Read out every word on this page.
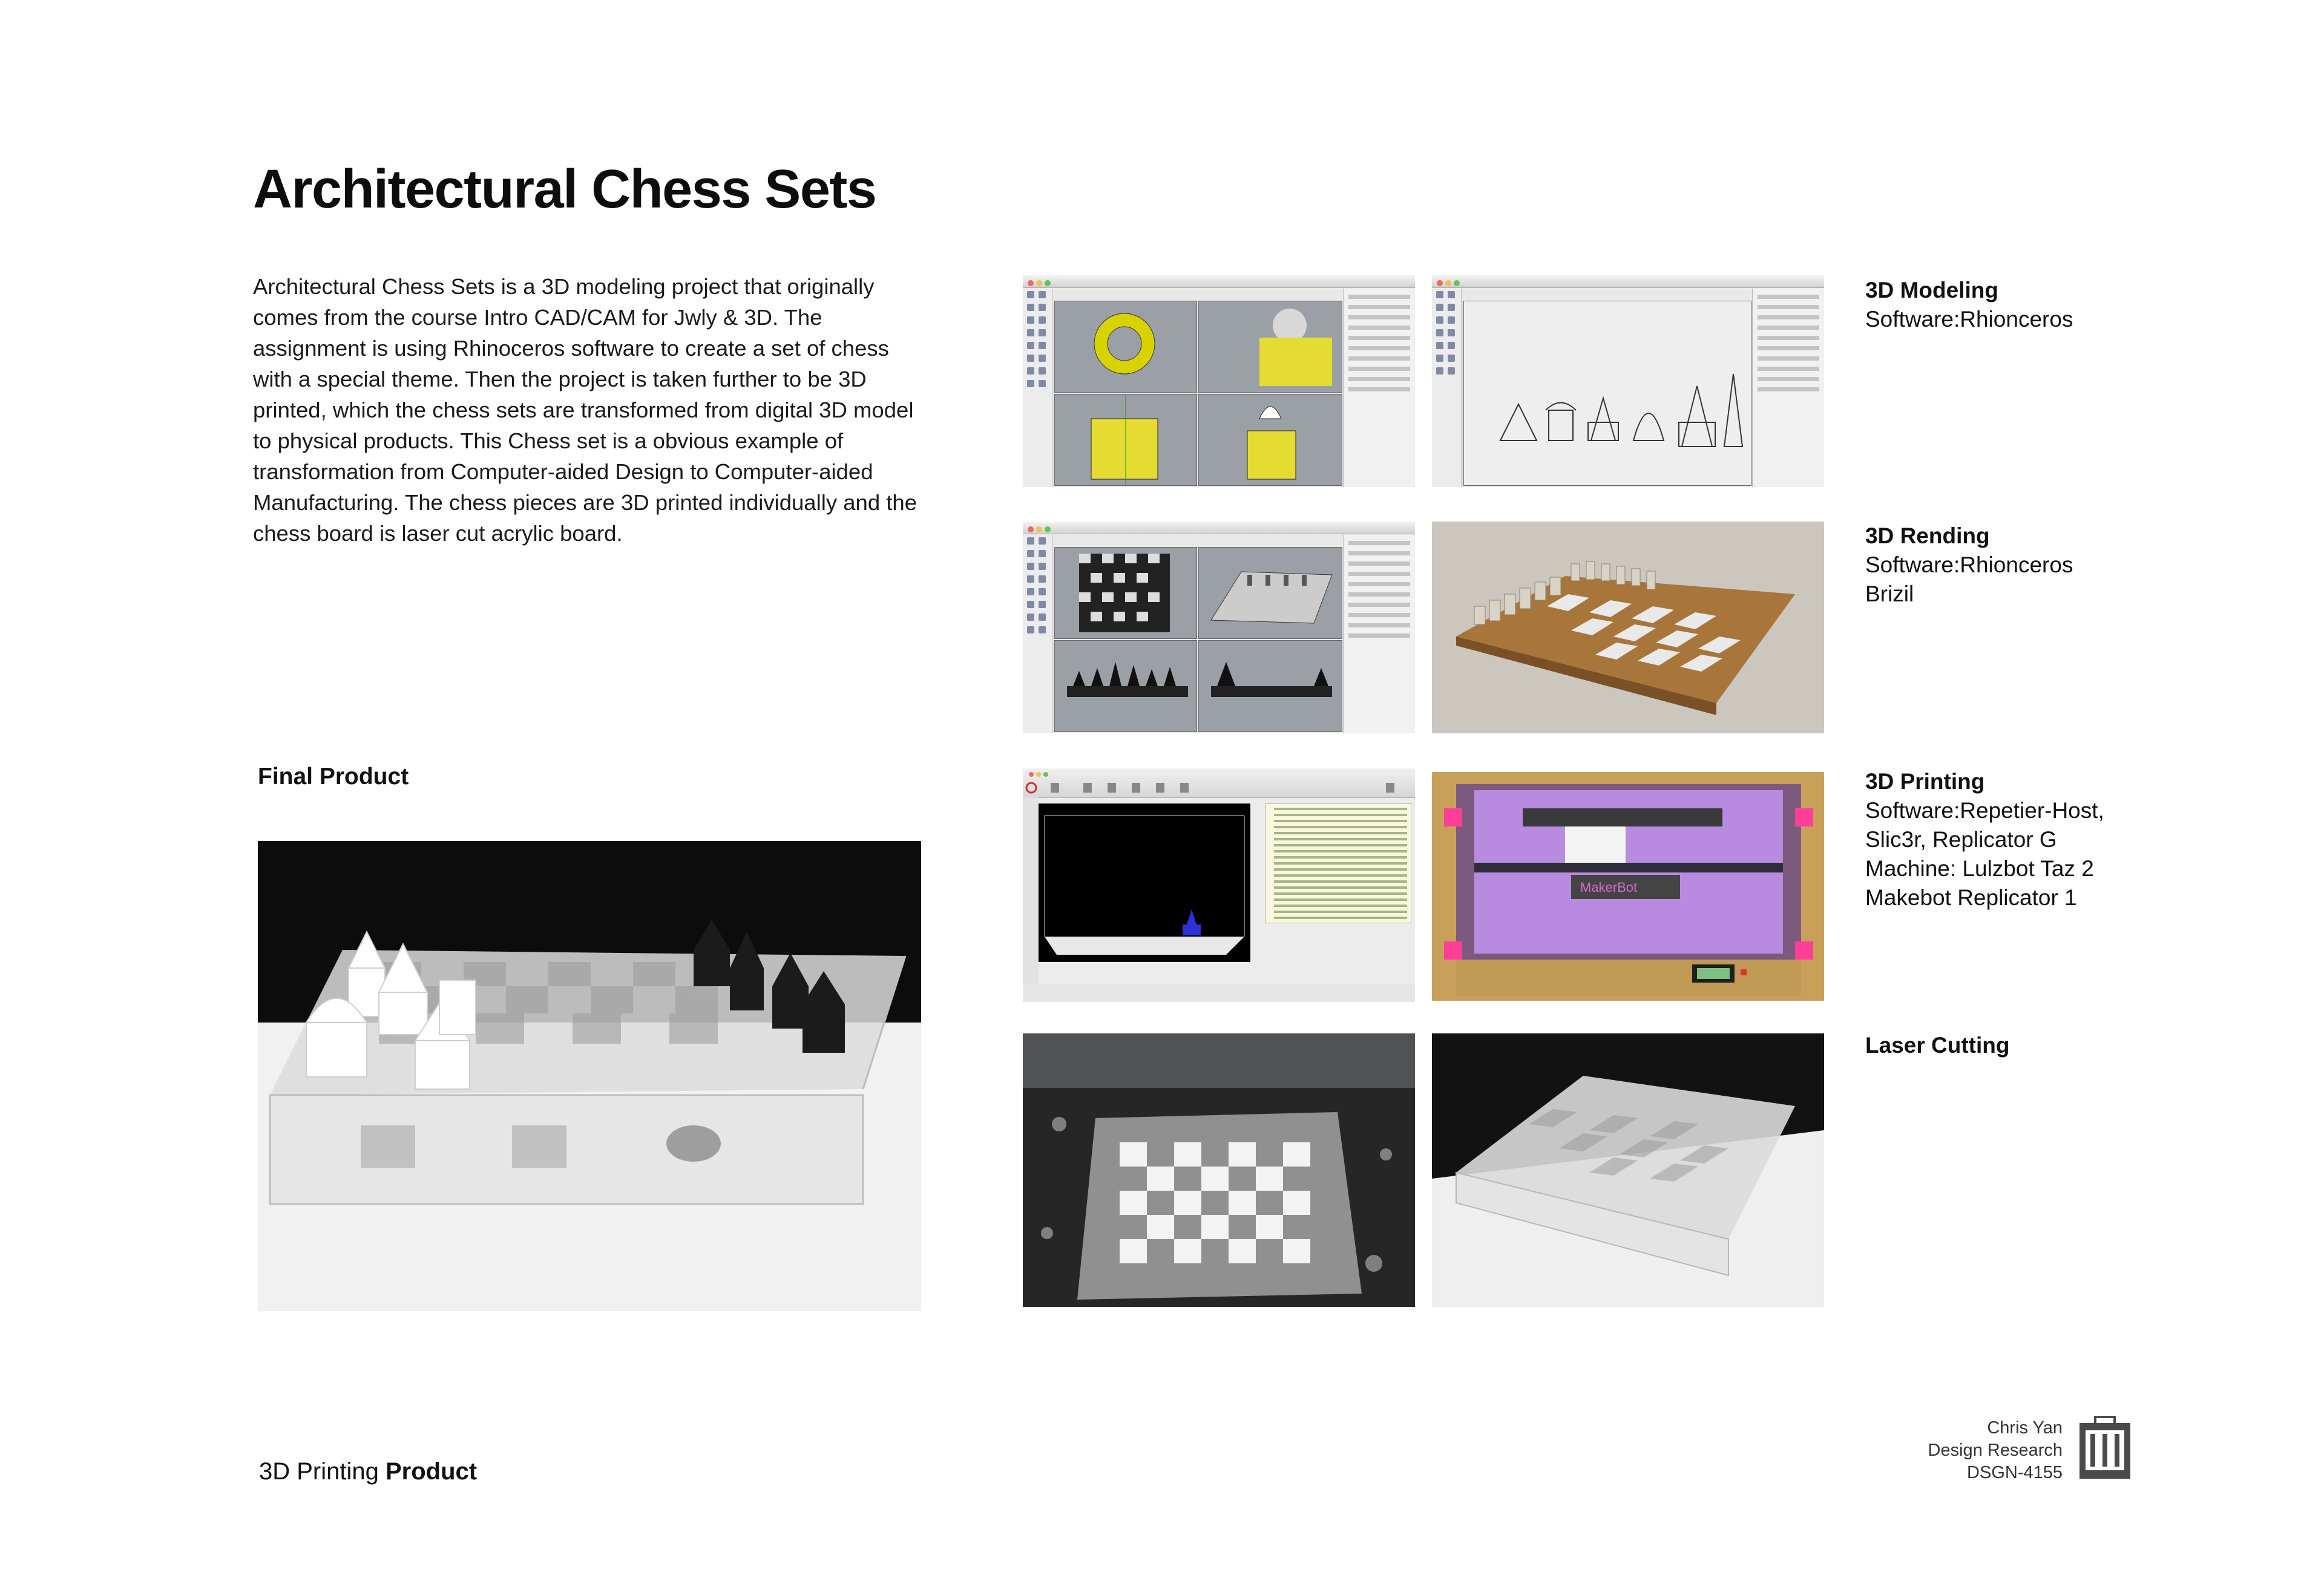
Architectural Chess Sets
Architectural Chess Sets is a 3D modeling project that originally comes from the course Intro CAD/CAM for Jwly & 3D. The assignment is using Rhinoceros software to create a set of chess with a special theme. Then the project is taken further to be 3D printed, which the chess sets are transformed from digital 3D model to physical products. This Chess set is a obvious example of transformation from Computer-aided Design to Computer-aided Manufacturing. The chess pieces are 3D printed individually and the chess board is laser cut acrylic board.
Final Product
3D Modeling
Software:Rhionceros
3D Rending
Software:Rhionceros
Brizil
MakerBot
3D Printing
Software:Repetier-Host,
Slic3r, Replicator G
Machine: Lulzbot Taz 2
Makebot Replicator 1
Laser Cutting
3D Printing Product
Chris Yan
Design Research
DSGN-4155
